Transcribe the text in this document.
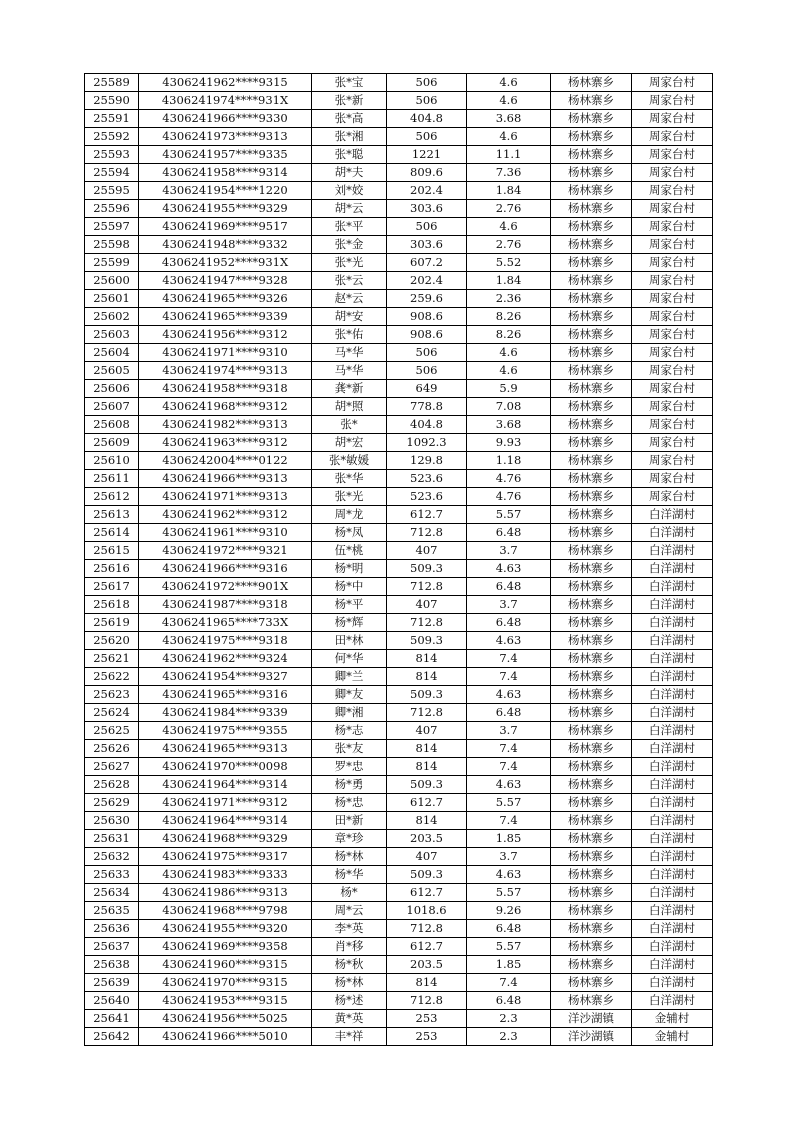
25589	4306241962****9315	张*宝	506	4.6	杨林寨乡	周家台村
25590	4306241974****931X	张*新	506	4.6	杨林寨乡	周家台村
25591	4306241966****9330	张*高	404.8	3.68	杨林寨乡	周家台村
25592	4306241973****9313	张*湘	506	4.6	杨林寨乡	周家台村
25593	4306241957****9335	张*聪	1221	11.1	杨林寨乡	周家台村
25594	4306241958****9314	胡*夫	809.6	7.36	杨林寨乡	周家台村
25595	4306241954****1220	刘*姣	202.4	1.84	杨林寨乡	周家台村
25596	4306241955****9329	胡*云	303.6	2.76	杨林寨乡	周家台村
25597	4306241969****9517	张*平	506	4.6	杨林寨乡	周家台村
25598	4306241948****9332	张*金	303.6	2.76	杨林寨乡	周家台村
25599	4306241952****931X	张*光	607.2	5.52	杨林寨乡	周家台村
25600	4306241947****9328	张*云	202.4	1.84	杨林寨乡	周家台村
25601	4306241965****9326	赵*云	259.6	2.36	杨林寨乡	周家台村
25602	4306241965****9339	胡*安	908.6	8.26	杨林寨乡	周家台村
25603	4306241956****9312	张*佑	908.6	8.26	杨林寨乡	周家台村
25604	4306241971****9310	马*华	506	4.6	杨林寨乡	周家台村
25605	4306241974****9313	马*华	506	4.6	杨林寨乡	周家台村
25606	4306241958****9318	龚*新	649	5.9	杨林寨乡	周家台村
25607	4306241968****9312	胡*照	778.8	7.08	杨林寨乡	周家台村
25608	4306241982****9313	张*	404.8	3.68	杨林寨乡	周家台村
25609	4306241963****9312	胡*宏	1092.3	9.93	杨林寨乡	周家台村
25610	4306242004****0122	张*敏媛	129.8	1.18	杨林寨乡	周家台村
25611	4306241966****9313	张*华	523.6	4.76	杨林寨乡	周家台村
25612	4306241971****9313	张*光	523.6	4.76	杨林寨乡	周家台村
25613	4306241962****9312	周*龙	612.7	5.57	杨林寨乡	白洋湖村
25614	4306241961****9310	杨*凤	712.8	6.48	杨林寨乡	白洋湖村
25615	4306241972****9321	伍*桃	407	3.7	杨林寨乡	白洋湖村
25616	4306241966****9316	杨*明	509.3	4.63	杨林寨乡	白洋湖村
25617	4306241972****901X	杨*中	712.8	6.48	杨林寨乡	白洋湖村
25618	4306241987****9318	杨*平	407	3.7	杨林寨乡	白洋湖村
25619	4306241965****733X	杨*辉	712.8	6.48	杨林寨乡	白洋湖村
25620	4306241975****9318	田*林	509.3	4.63	杨林寨乡	白洋湖村
25621	4306241962****9324	何*华	814	7.4	杨林寨乡	白洋湖村
25622	4306241954****9327	卿*兰	814	7.4	杨林寨乡	白洋湖村
25623	4306241965****9316	卿*友	509.3	4.63	杨林寨乡	白洋湖村
25624	4306241984****9339	卿*湘	712.8	6.48	杨林寨乡	白洋湖村
25625	4306241975****9355	杨*志	407	3.7	杨林寨乡	白洋湖村
25626	4306241965****9313	张*友	814	7.4	杨林寨乡	白洋湖村
25627	4306241970****0098	罗*忠	814	7.4	杨林寨乡	白洋湖村
25628	4306241964****9314	杨*勇	509.3	4.63	杨林寨乡	白洋湖村
25629	4306241971****9312	杨*忠	612.7	5.57	杨林寨乡	白洋湖村
25630	4306241964****9314	田*新	814	7.4	杨林寨乡	白洋湖村
25631	4306241968****9329	章*珍	203.5	1.85	杨林寨乡	白洋湖村
25632	4306241975****9317	杨*林	407	3.7	杨林寨乡	白洋湖村
25633	4306241983****9333	杨*华	509.3	4.63	杨林寨乡	白洋湖村
25634	4306241986****9313	杨*	612.7	5.57	杨林寨乡	白洋湖村
25635	4306241968****9798	周*云	1018.6	9.26	杨林寨乡	白洋湖村
25636	4306241955****9320	李*英	712.8	6.48	杨林寨乡	白洋湖村
25637	4306241969****9358	肖*移	612.7	5.57	杨林寨乡	白洋湖村
25638	4306241960****9315	杨*秋	203.5	1.85	杨林寨乡	白洋湖村
25639	4306241970****9315	杨*林	814	7.4	杨林寨乡	白洋湖村
25640	4306241953****9315	杨*述	712.8	6.48	杨林寨乡	白洋湖村
25641	4306241956****5025	黄*英	253	2.3	洋沙湖镇	金辅村
25642	4306241966****5010	丰*祥	253	2.3	洋沙湖镇	金辅村
